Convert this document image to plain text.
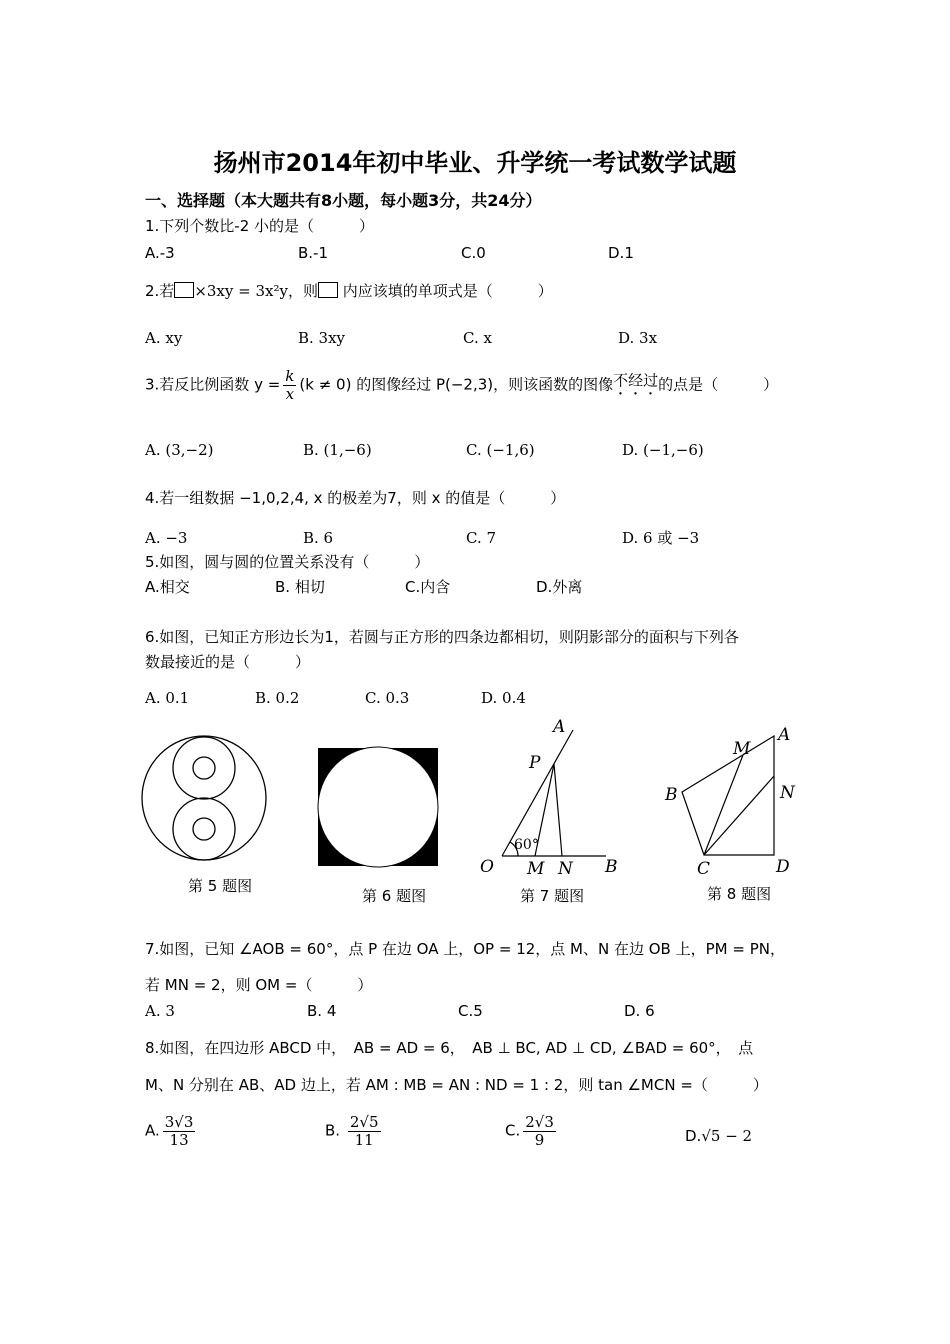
扬州市2014年初中毕业、升学统一考试数学试题
一、选择题（本大题共有8小题，每小题3分，共24分）
1.下列个数比-2 小的是（　　　）
A.-3	B.-1	C.0	D.1
2.若 ×3xy = 3x²y，则 内应该填的单项式是（　　　）
A. xy	B. 3xy	C. x	D. 3x
3.若反比例函数 $y = \frac{k}{x} (k \ne 0)$ 的图像经过 P(−2,3)，则该函数的图像不经过的点是（　　　）
A. (3,−2)	B. (1,−6)	C. (−1,6)	D. (−1,−6)
4.若一组数据 −1,0,2,4, x 的极差为7，则 x 的值是（　　　）
A. −3	B. 6	C. 7	D. 6 或 −3
5.如图，圆与圆的位置关系没有（　　　）
A.相交	B. 相切	C.内含	D.外离
6.如图，已知正方形边长为1，若圆与正方形的四条边都相切，则阴影部分的面积与下列各
数最接近的是（　　　）
A. 0.1	B. 0.2	C. 0.3	D. 0.4
A
P
O M N B
60°
A
M
B	N
C	D
第 5 题图
第 6 题图	第 7 题图	第 8 题图
7.如图，已知 ∠AOB = 60°，点 P 在边 OA 上，OP = 12，点 M、N 在边 OB 上，PM = PN，
若 MN = 2，则 OM =（　　　）
A. 3	B. 4	C.5	D. 6
8.如图，在四边形 ABCD 中，　AB = AD = 6，　AB ⊥ BC, AD ⊥ CD, ∠BAD = 60°，　点
M、N 分别在 AB、AD 边上，若 AM : MB = AN : ND = 1 : 2，则 tan ∠MCN =（　　　）
A. $\frac{3√3}{13}$	B. $\frac{2√5}{11}$	C. $\frac{2√3}{9}$	D.√5 − 2
